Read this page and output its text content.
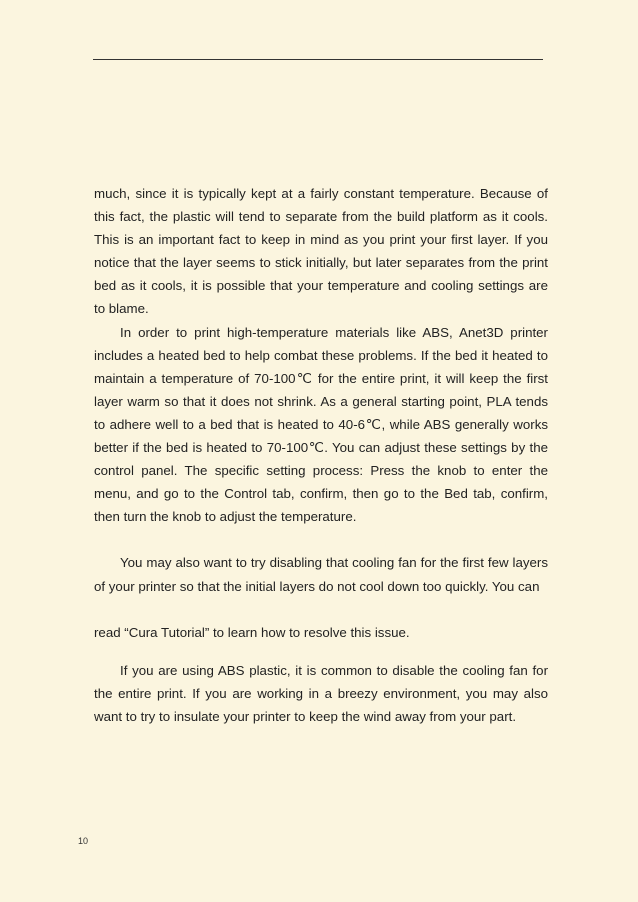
much, since it is typically kept at a fairly constant temperature. Because of this fact, the plastic will tend to separate from the build platform as it cools. This is an important fact to keep in mind as you print your first layer. If you notice that the layer seems to stick initially, but later separates from the print bed as it cools, it is possible that your temperature and cooling settings are to blame.

In order to print high-temperature materials like ABS, Anet3D printer includes a heated bed to help combat these problems. If the bed it heated to maintain a temperature of 70-100℃ for the entire print, it will keep the first layer warm so that it does not shrink. As a general starting point, PLA tends to adhere well to a bed that is heated to 40-6℃, while ABS generally works better if the bed is heated to 70-100℃. You can adjust these settings by the control panel. The specific setting process: Press the knob to enter the menu, and go to the Control tab, confirm, then go to the Bed tab, confirm, then turn the knob to adjust the temperature.

You may also want to try disabling that cooling fan for the first few layers of your printer so that the initial layers do not cool down too quickly. You can

read “Cura Tutorial” to learn how to resolve this issue.

If you are using ABS plastic, it is common to disable the cooling fan for the entire print. If you are working in a breezy environment, you may also want to try to insulate your printer to keep the wind away from your part.

10
